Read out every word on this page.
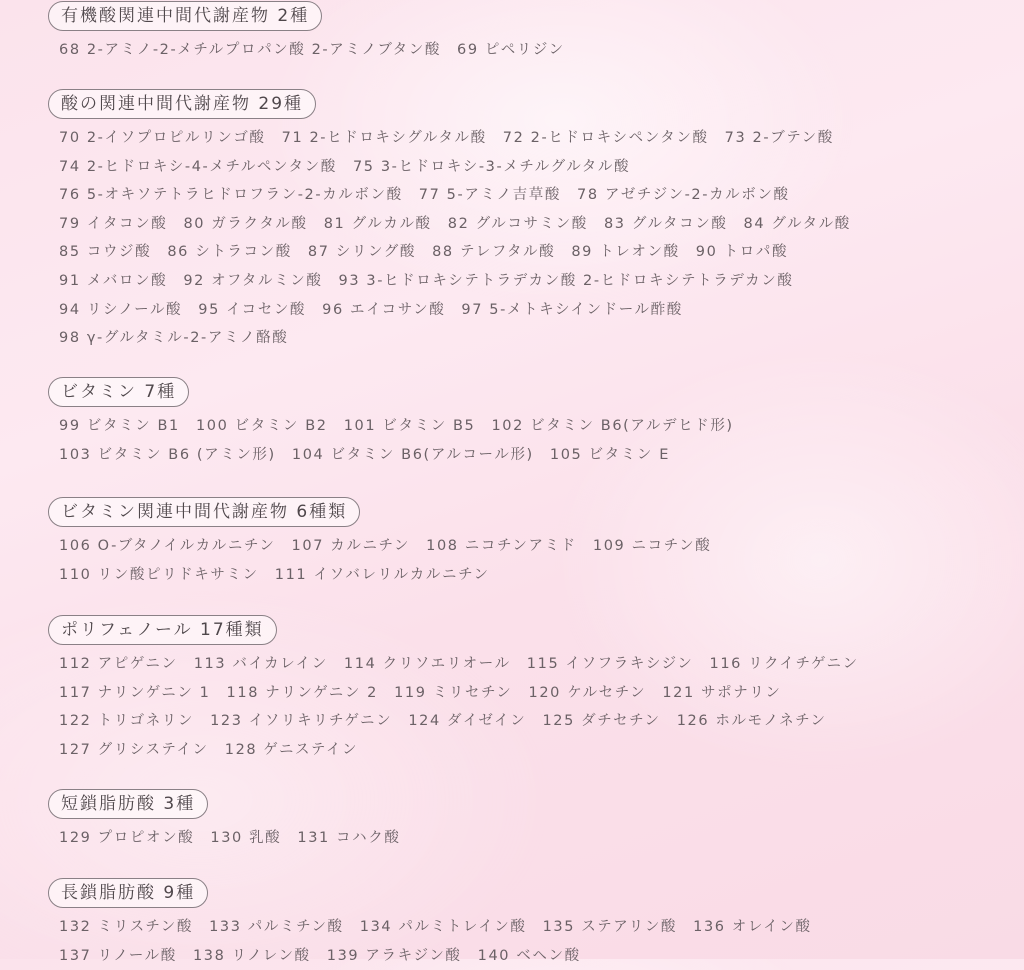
有機酸関連中間代謝産物 2種
68 2-アミノ-2-メチルプロパン酸 2-アミノブタン酸　69 ピペリジン
酸の関連中間代謝産物 29種
70 2-イソプロピルリンゴ酸　71 2-ヒドロキシグルタル酸　72 2-ヒドロキシペンタン酸　73 2-ブテン酸
74 2-ヒドロキシ-4-メチルペンタン酸　75 3-ヒドロキシ-3-メチルグルタル酸
76 5-オキソテトラヒドロフラン-2-カルボン酸　77 5-アミノ吉草酸　78 アゼチジン-2-カルボン酸
79 イタコン酸　80 ガラクタル酸　81 グルカル酸　82 グルコサミン酸　83 グルタコン酸　84 グルタル酸
85 コウジ酸　86 シトラコン酸　87 シリング酸　88 テレフタル酸　89 トレオン酸　90 トロパ酸
91 メバロン酸　92 オフタルミン酸　93 3-ヒドロキシテトラデカン酸 2-ヒドロキシテトラデカン酸
94 リシノール酸　95 イコセン酸　96 エイコサン酸　97 5-メトキシインドール酢酸
98 γ-グルタミル-2-アミノ酪酸
ビタミン 7種
99 ビタミン B1　100 ビタミン B2　101 ビタミン B5　102 ビタミン B6(アルデヒド形)
103 ビタミン B6 (アミン形)　104 ビタミン B6(アルコール形)　105 ビタミン E
ビタミン関連中間代謝産物 6種類
106 O-ブタノイルカルニチン　107 カルニチン　108 ニコチンアミド　109 ニコチン酸
110 リン酸ピリドキサミン　111 イソバレリルカルニチン
ポリフェノール 17種類
112 アピゲニン　113 バイカレイン　114 クリソエリオール　115 イソフラキシジン　116 リクイチゲニン
117 ナリンゲニン 1　118 ナリンゲニン 2　119 ミリセチン　120 ケルセチン　121 サポナリン
122 トリゴネリン　123 イソリキリチゲニン　124 ダイゼイン　125 ダチセチン　126 ホルモノネチン
127 グリシステイン　128 ゲニステイン
短鎖脂肪酸 3種
129 プロピオン酸　130 乳酸　131 コハク酸
長鎖脂肪酸 9種
132 ミリスチン酸　133 パルミチン酸　134 パルミトレイン酸　135 ステアリン酸　136 オレイン酸
137 リノール酸　138 リノレン酸　139 アラキジン酸　140 ベヘン酸
